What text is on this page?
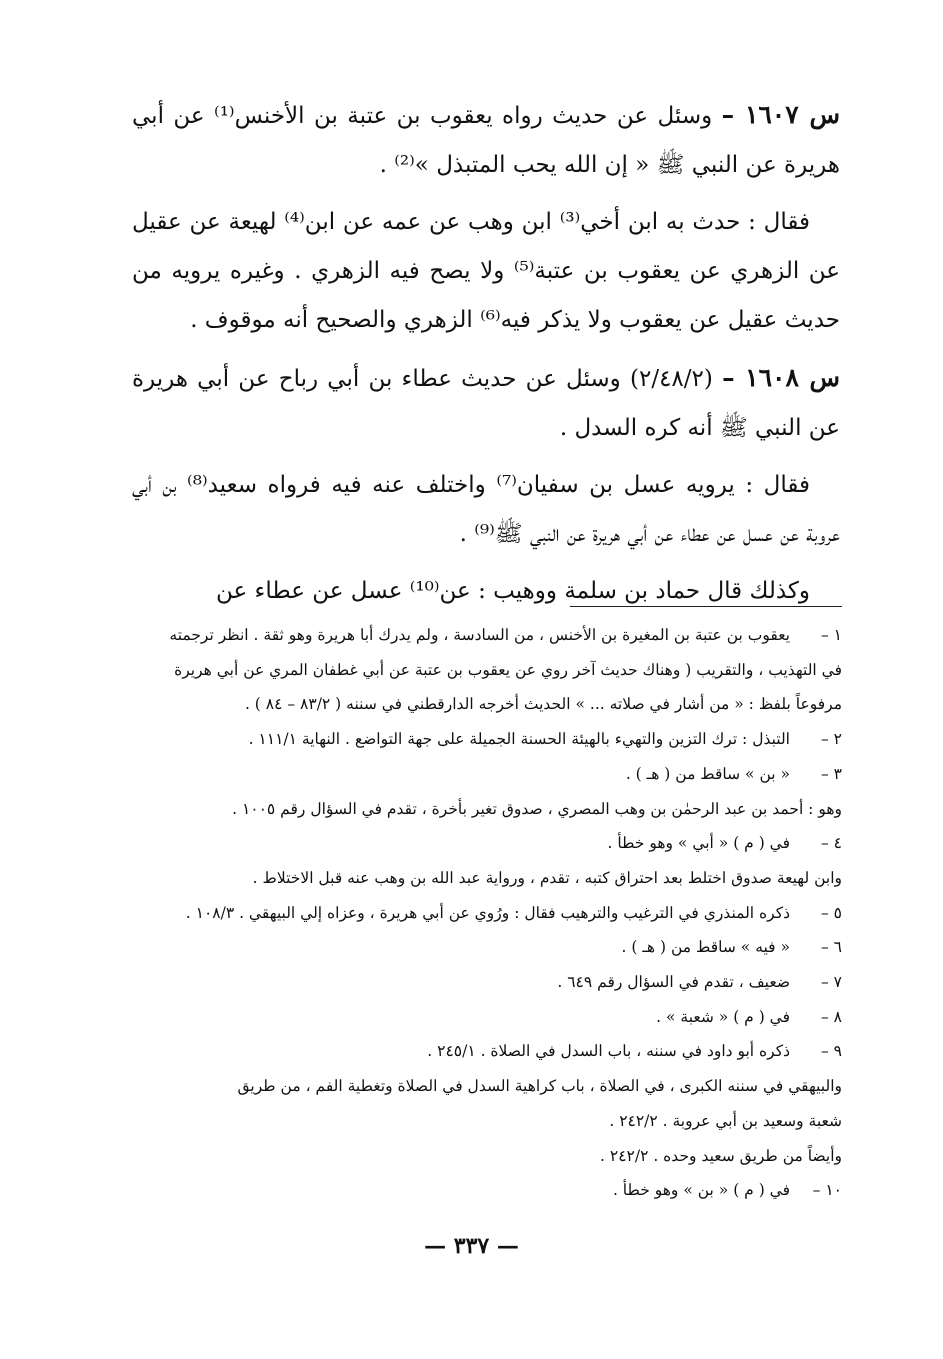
س ١٦٠٧ – وسئل عن حديث رواه يعقوب بن عتبة بن الأخنس⁽¹⁾ عن أبي هريرة عن النبي ﷺ « إن الله يحب المتبذل »⁽²⁾ .

فقال : حدث به ابن أخي⁽³⁾ ابن وهب عن عمه عن ابن⁽⁴⁾ لهيعة عن عقيل عن الزهري عن يعقوب بن عتبة⁽⁵⁾ ولا يصح فيه الزهري . وغيره يرويه من حديث عقيل عن يعقوب ولا يذكر فيه⁽⁶⁾ الزهري والصحيح أنه موقوف .

س ١٦٠٨ – (٢/٤٨/٢) وسئل عن حديث عطاء بن أبي رباح عن أبي هريرة عن النبي ﷺ أنه كره السدل .

فقال : يرويه عسل بن سفيان⁽⁷⁾ واختلف عنه فيه فرواه سعيد⁽⁸⁾ بن أبي عروبة عن عسل عن عطاء عن أبي هريرة عن النبي ﷺ⁽⁹⁾ .

وكذلك قال حماد بن سلمة ووهيب : عن⁽¹⁰⁾ عسل عن عطاء عن

١ –
يعقوب بن عتبة بن المغيرة بن الأخنس ، من السادسة ، ولم يدرك أبا هريرة وهو ثقة . انظر ترجمته
في التهذيب ، والتقريب ( وهناك حديث آخر روي عن يعقوب بن عتبة عن أبي غطفان المري عن أبي هريرة
مرفوعاً بلفظ : « من أشار في صلاته ... » الحديث أخرجه الدارقطني في سننه ( ٨٣/٢ – ٨٤ ) .
٢ –
التبذل : ترك التزين والتهيء بالهيئة الحسنة الجميلة على جهة التواضع . النهاية ١١١/١ .
٣ –
« بن » ساقط من ( هـ ) .
وهو : أحمد بن عبد الرحمٰن بن وهب المصري ، صدوق تغير بأخرة ، تقدم في السؤال رقم ١٠٠٥ .
٤ –
في ( م ) « أبي » وهو خطأ .
وابن لهيعة صدوق اختلط بعد احتراق كتبه ، تقدم ، ورواية عبد الله بن وهب عنه قبل الاختلاط .
٥ –
ذكره المنذري في الترغيب والترهيب فقال : ورُوي عن أبي هريرة ، وعزاه إلي البيهقي . ١٠٨/٣ .
٦ –
« فيه » ساقط من ( هـ ) .
٧ –
ضعيف ، تقدم في السؤال رقم ٦٤٩ .
٨ –
في ( م ) « شعبة » .
٩ –
ذكره أبو داود في سننه ، باب السدل في الصلاة . ٢٤٥/١ .
والبيهقي في سننه الكبرى ، في الصلاة ، باب كراهية السدل في الصلاة وتغطية الفم ، من طريق
شعبة وسعيد بن أبي عروبة . ٢٤٢/٢ .
وأيضاً من طريق سعيد وحده . ٢٤٢/٢ .
١٠ –
في ( م ) « بن » وهو خطأ .
— ٣٣٧ —
